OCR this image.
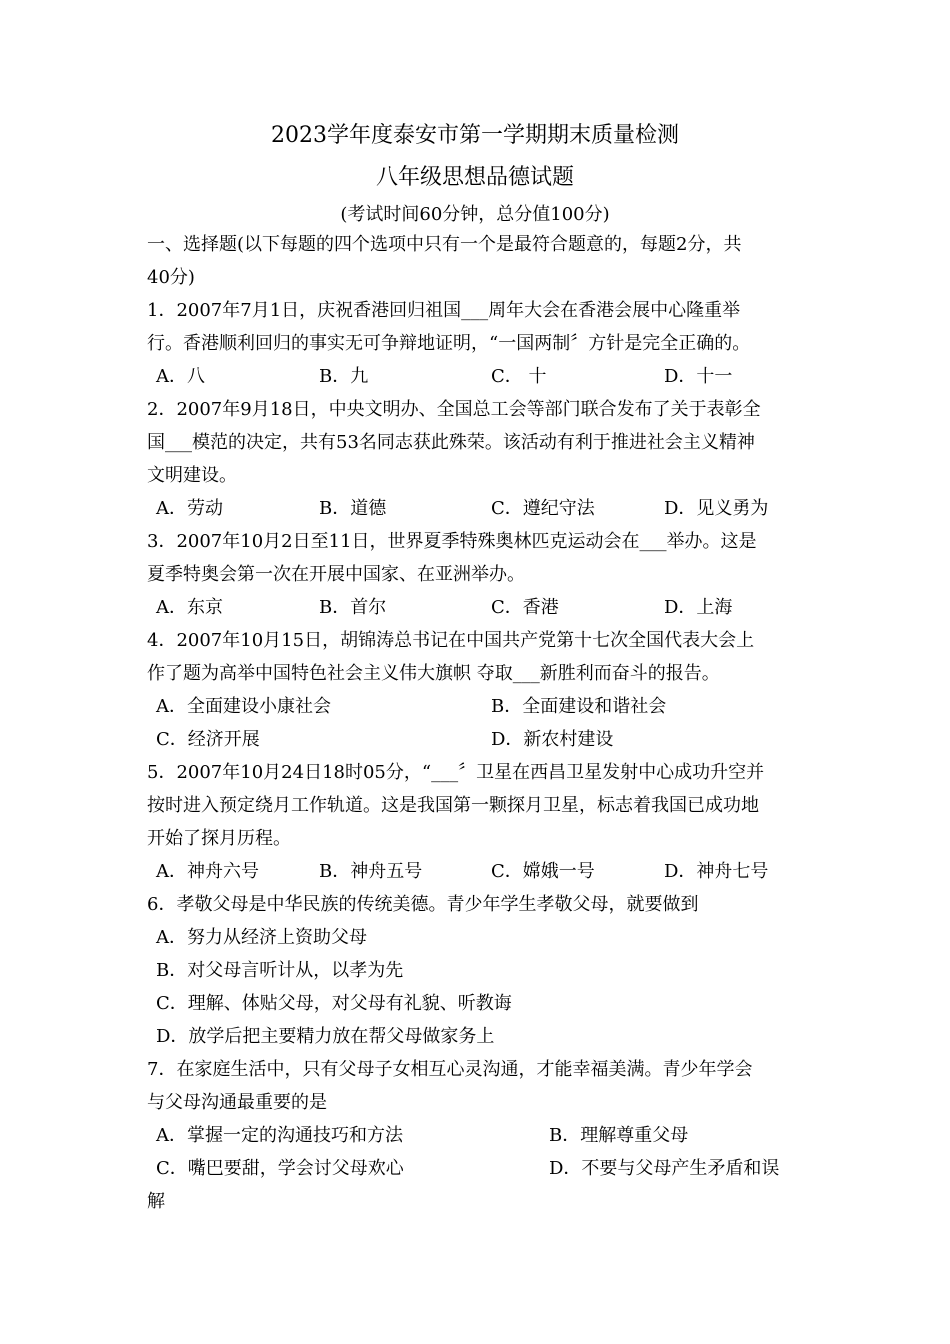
2023学年度泰安市第一学期期末质量检测
八年级思想品德试题
(考试时间60分钟，总分值100分)
一、选择题(以下每题的四个选项中只有一个是最符合题意的，每题2分，共
40分)
1．2007年7月1日，庆祝香港回归祖国___周年大会在香港会展中心隆重举
行。香港顺利回归的事实无可争辩地证明，“一国两制〞方针是完全正确的。
A．八	B．九	C． 十	D．十一
2．2007年9月18日，中央文明办、全国总工会等部门联合发布了关于表彰全
国___模范的决定，共有53名同志获此殊荣。该活动有利于推进社会主义精神
文明建设。
A．劳动	B．道德	C．遵纪守法	D．见义勇为
3．2007年10月2日至11日，世界夏季特殊奥林匹克运动会在___举办。这是
夏季特奥会第一次在开展中国家、在亚洲举办。
A．东京	B．首尔	C．香港	D．上海
4．2007年10月15日，胡锦涛总书记在中国共产党第十七次全国代表大会上
作了题为高举中国特色社会主义伟大旗帜 夺取___新胜利而奋斗的报告。
A．全面建设小康社会	B．全面建设和谐社会
C．经济开展	D．新农村建设
5．2007年10月24日18时05分，“___〞卫星在西昌卫星发射中心成功升空并
按时进入预定绕月工作轨道。这是我国第一颗探月卫星，标志着我国已成功地
开始了探月历程。
A．神舟六号	B．神舟五号	C．嫦娥一号	D．神舟七号
6．孝敬父母是中华民族的传统美德。青少年学生孝敬父母，就要做到
A．努力从经济上资助父母
B．对父母言听计从，以孝为先
C．理解、体贴父母，对父母有礼貌、听教诲
D．放学后把主要精力放在帮父母做家务上
7．在家庭生活中，只有父母子女相互心灵沟通，才能幸福美满。青少年学会
与父母沟通最重要的是
A．掌握一定的沟通技巧和方法	B．理解尊重父母
C．嘴巴要甜，学会讨父母欢心	D．不要与父母产生矛盾和误
解
